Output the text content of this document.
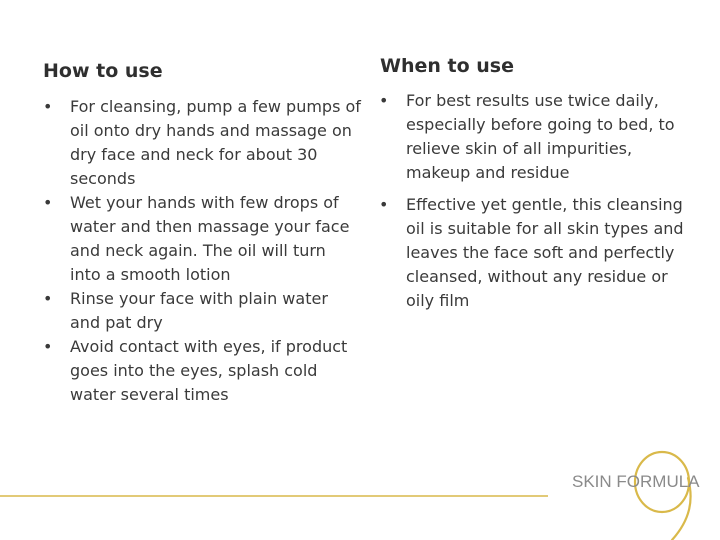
How to use
•	For cleansing, pump a few pumps of oil onto dry hands and massage on dry face and neck for about 30 seconds
•	Wet your hands with few drops of water and then massage your face and neck again. The oil will turn into a smooth lotion
•	Rinse your face with plain water and pat dry
•	Avoid contact with eyes, if product goes into the eyes, splash cold water several times
When to use
•	For best results use twice daily, especially before going to bed, to relieve skin of all impurities, makeup and residue
•	Effective yet gentle, this cleansing oil is suitable for all skin types and leaves the face soft and perfectly cleansed, without any residue or oily film
SKIN FORMULA
